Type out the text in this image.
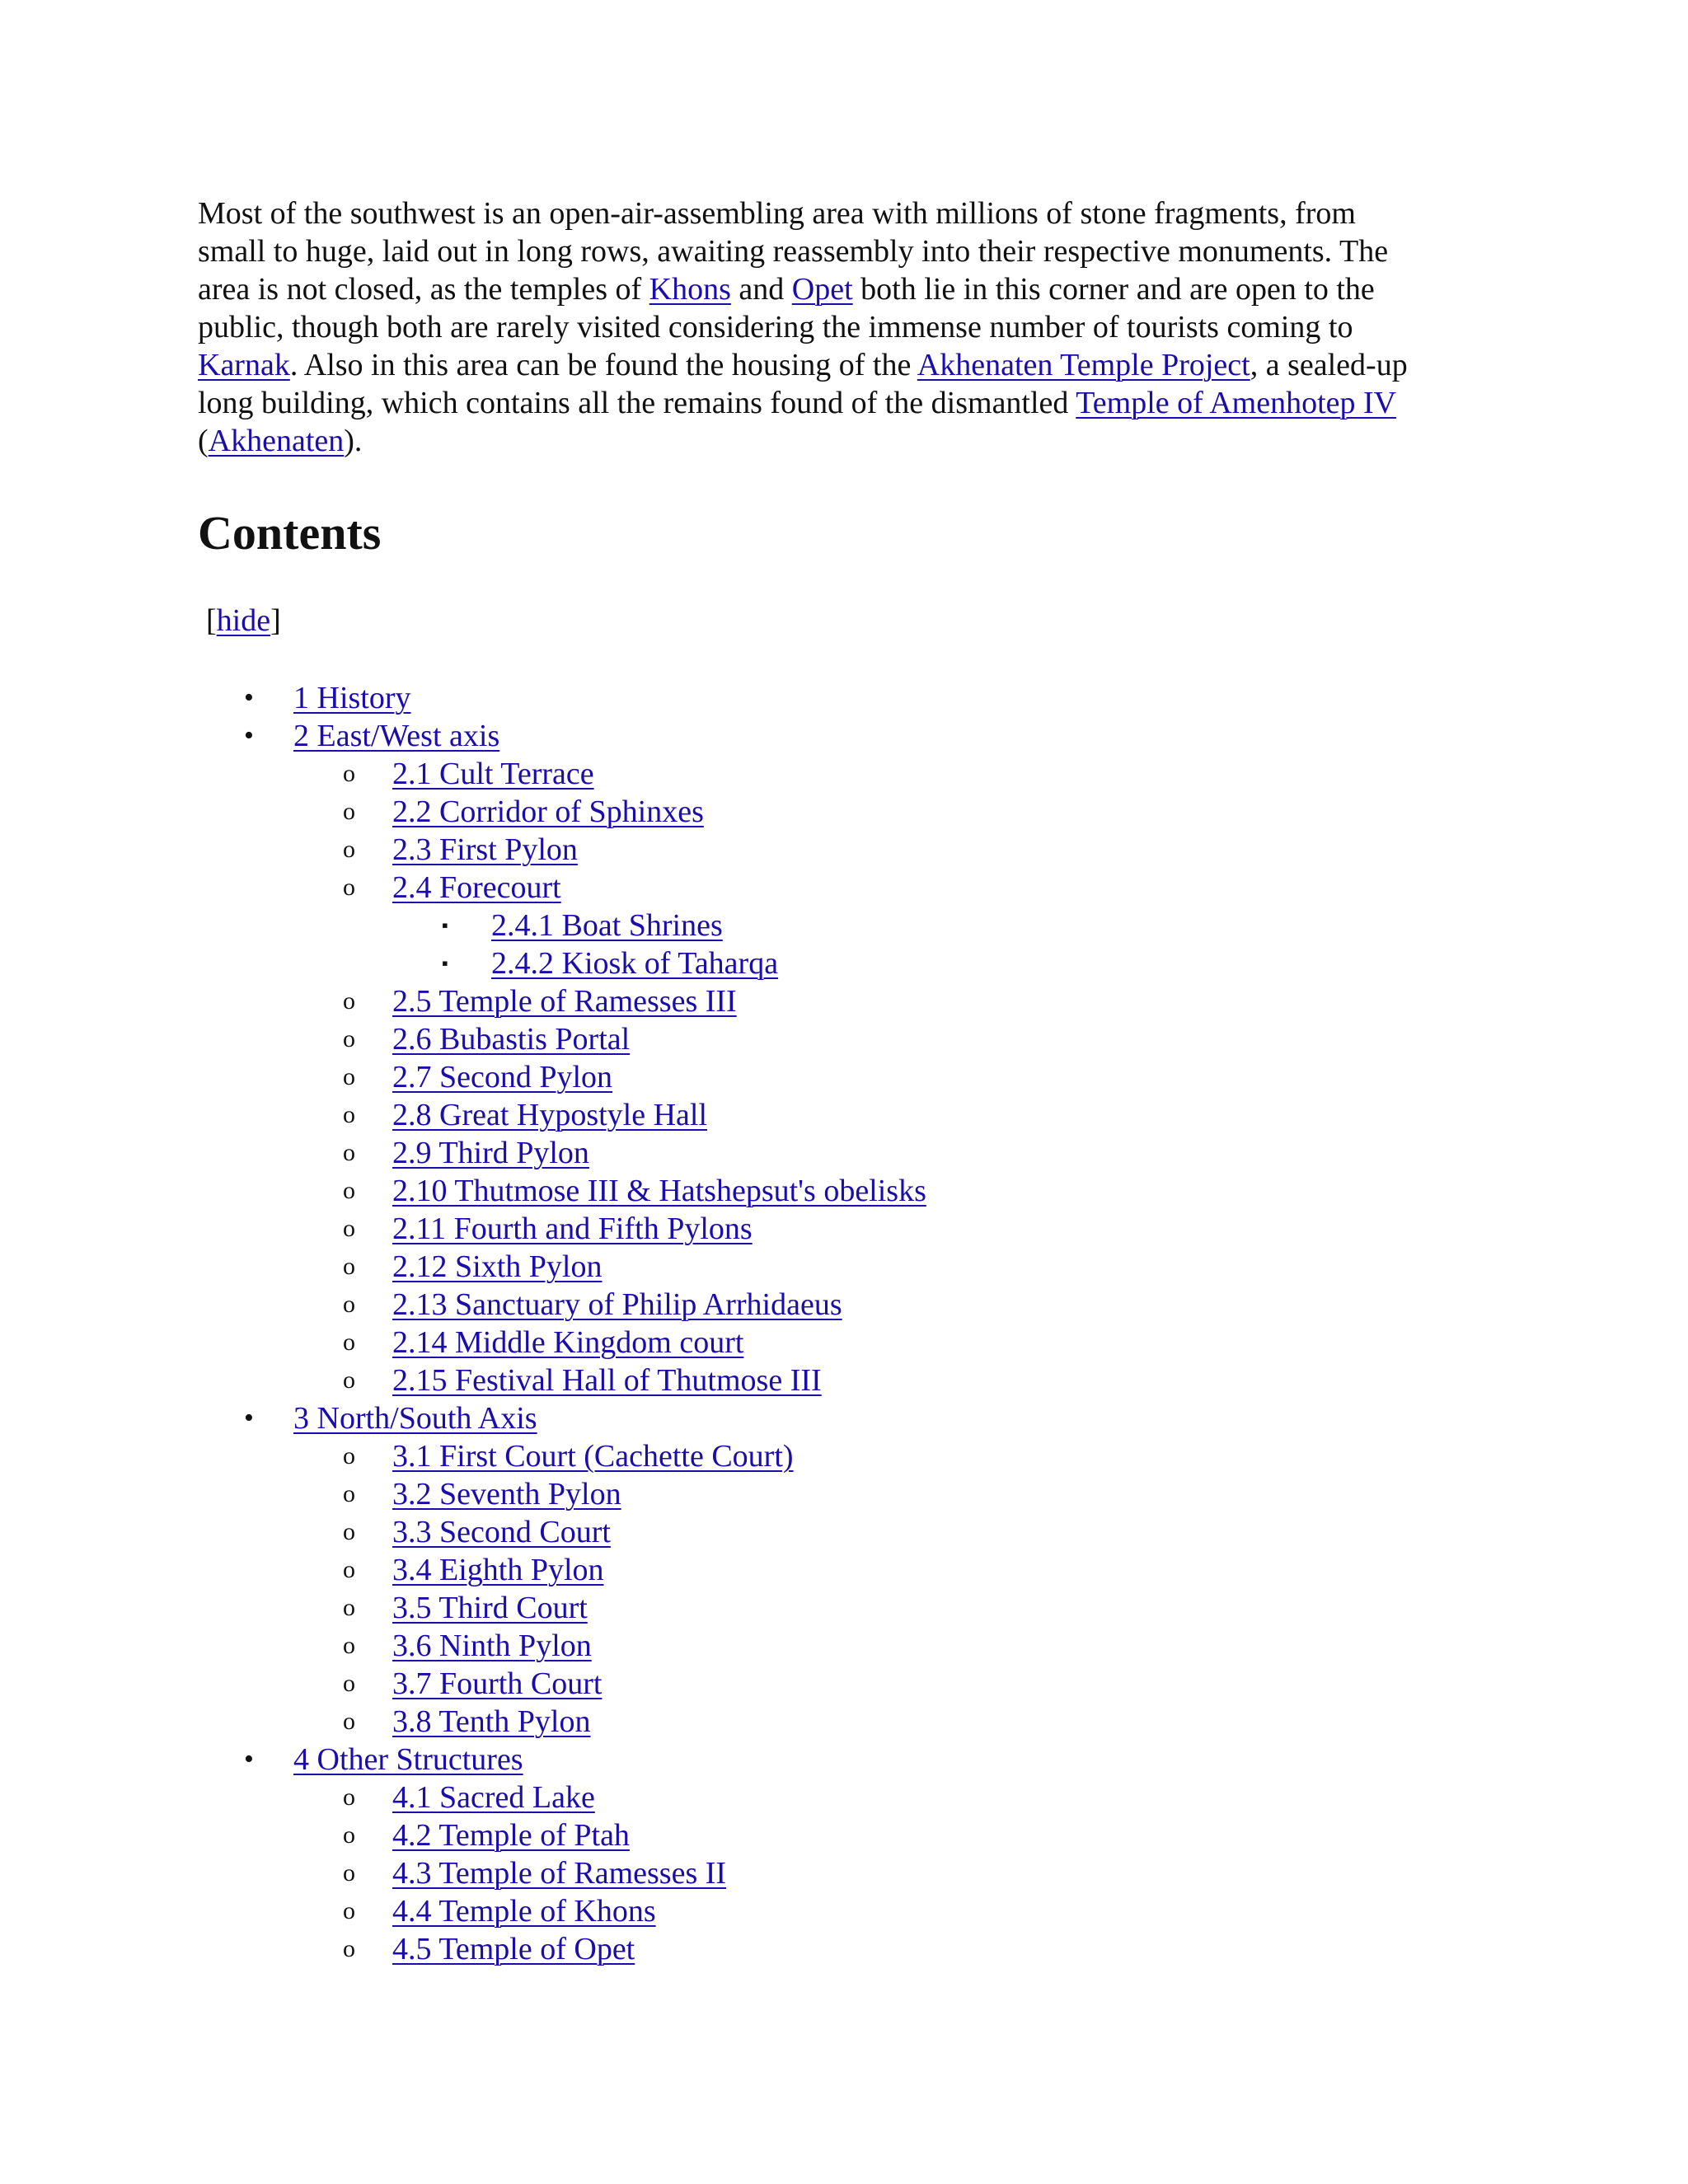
Most of the southwest is an open-air-assembling area with millions of stone fragments, from
small to huge, laid out in long rows, awaiting reassembly into their respective monuments. The
area is not closed, as the temples of Khons and Opet both lie in this corner and are open to the
public, though both are rarely visited considering the immense number of tourists coming to
Karnak. Also in this area can be found the housing of the Akhenaten Temple Project, a sealed-up
long building, which contains all the remains found of the dismantled Temple of Amenhotep IV
(Akhenaten).

Contents
[hide]
• 1 History
• 2 East/West axis
o 2.1 Cult Terrace
o 2.2 Corridor of Sphinxes
o 2.3 First Pylon
o 2.4 Forecourt
▪ 2.4.1 Boat Shrines
▪ 2.4.2 Kiosk of Taharqa
o 2.5 Temple of Ramesses III
o 2.6 Bubastis Portal
o 2.7 Second Pylon
o 2.8 Great Hypostyle Hall
o 2.9 Third Pylon
o 2.10 Thutmose III & Hatshepsut's obelisks
o 2.11 Fourth and Fifth Pylons
o 2.12 Sixth Pylon
o 2.13 Sanctuary of Philip Arrhidaeus
o 2.14 Middle Kingdom court
o 2.15 Festival Hall of Thutmose III
• 3 North/South Axis
o 3.1 First Court (Cachette Court)
o 3.2 Seventh Pylon
o 3.3 Second Court
o 3.4 Eighth Pylon
o 3.5 Third Court
o 3.6 Ninth Pylon
o 3.7 Fourth Court
o 3.8 Tenth Pylon
• 4 Other Structures
o 4.1 Sacred Lake
o 4.2 Temple of Ptah
o 4.3 Temple of Ramesses II
o 4.4 Temple of Khons
o 4.5 Temple of Opet
